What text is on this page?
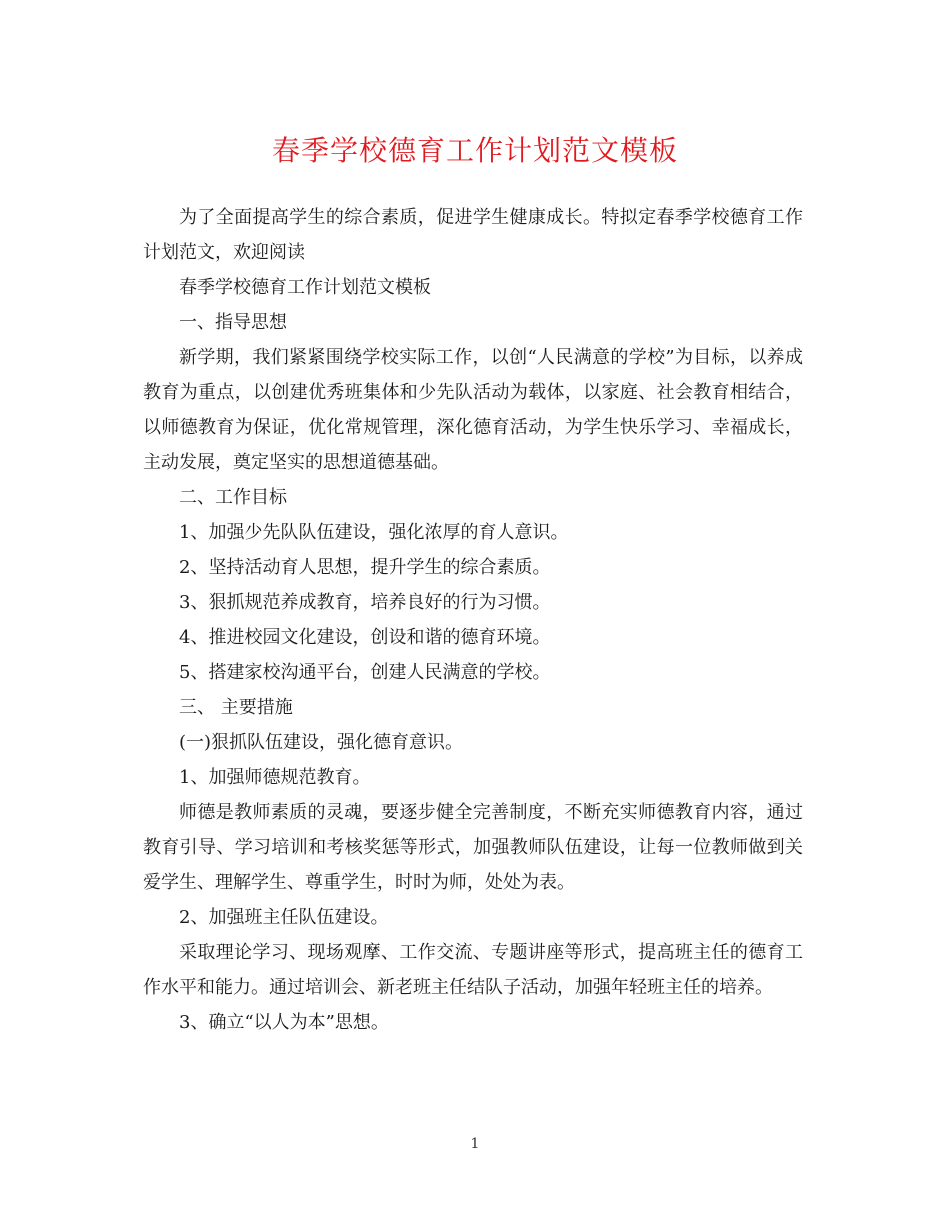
春季学校德育工作计划范文模板

为了全面提高学生的综合素质，促进学生健康成长。特拟定春季学校德育工作计划范文，欢迎阅读

春季学校德育工作计划范文模板

一、指导思想

新学期，我们紧紧围绕学校实际工作，以创“人民满意的学校”为目标，以养成教育为重点，以创建优秀班集体和少先队活动为载体，以家庭、社会教育相结合，以师德教育为保证，优化常规管理，深化德育活动，为学生快乐学习、幸福成长，主动发展，奠定坚实的思想道德基础。

二、工作目标

1、加强少先队队伍建设，强化浓厚的育人意识。

2、坚持活动育人思想，提升学生的综合素质。

3、狠抓规范养成教育，培养良好的行为习惯。

4、推进校园文化建设，创设和谐的德育环境。

5、搭建家校沟通平台，创建人民满意的学校。

三、 主要措施

(一)狠抓队伍建设，强化德育意识。

1、加强师德规范教育。

师德是教师素质的灵魂，要逐步健全完善制度，不断充实师德教育内容，通过教育引导、学习培训和考核奖惩等形式，加强教师队伍建设，让每一位教师做到关爱学生、理解学生、尊重学生，时时为师，处处为表。

2、加强班主任队伍建设。

采取理论学习、现场观摩、工作交流、专题讲座等形式，提高班主任的德育工作水平和能力。通过培训会、新老班主任结队子活动，加强年轻班主任的培养。

3、确立“以人为本”思想。

1
